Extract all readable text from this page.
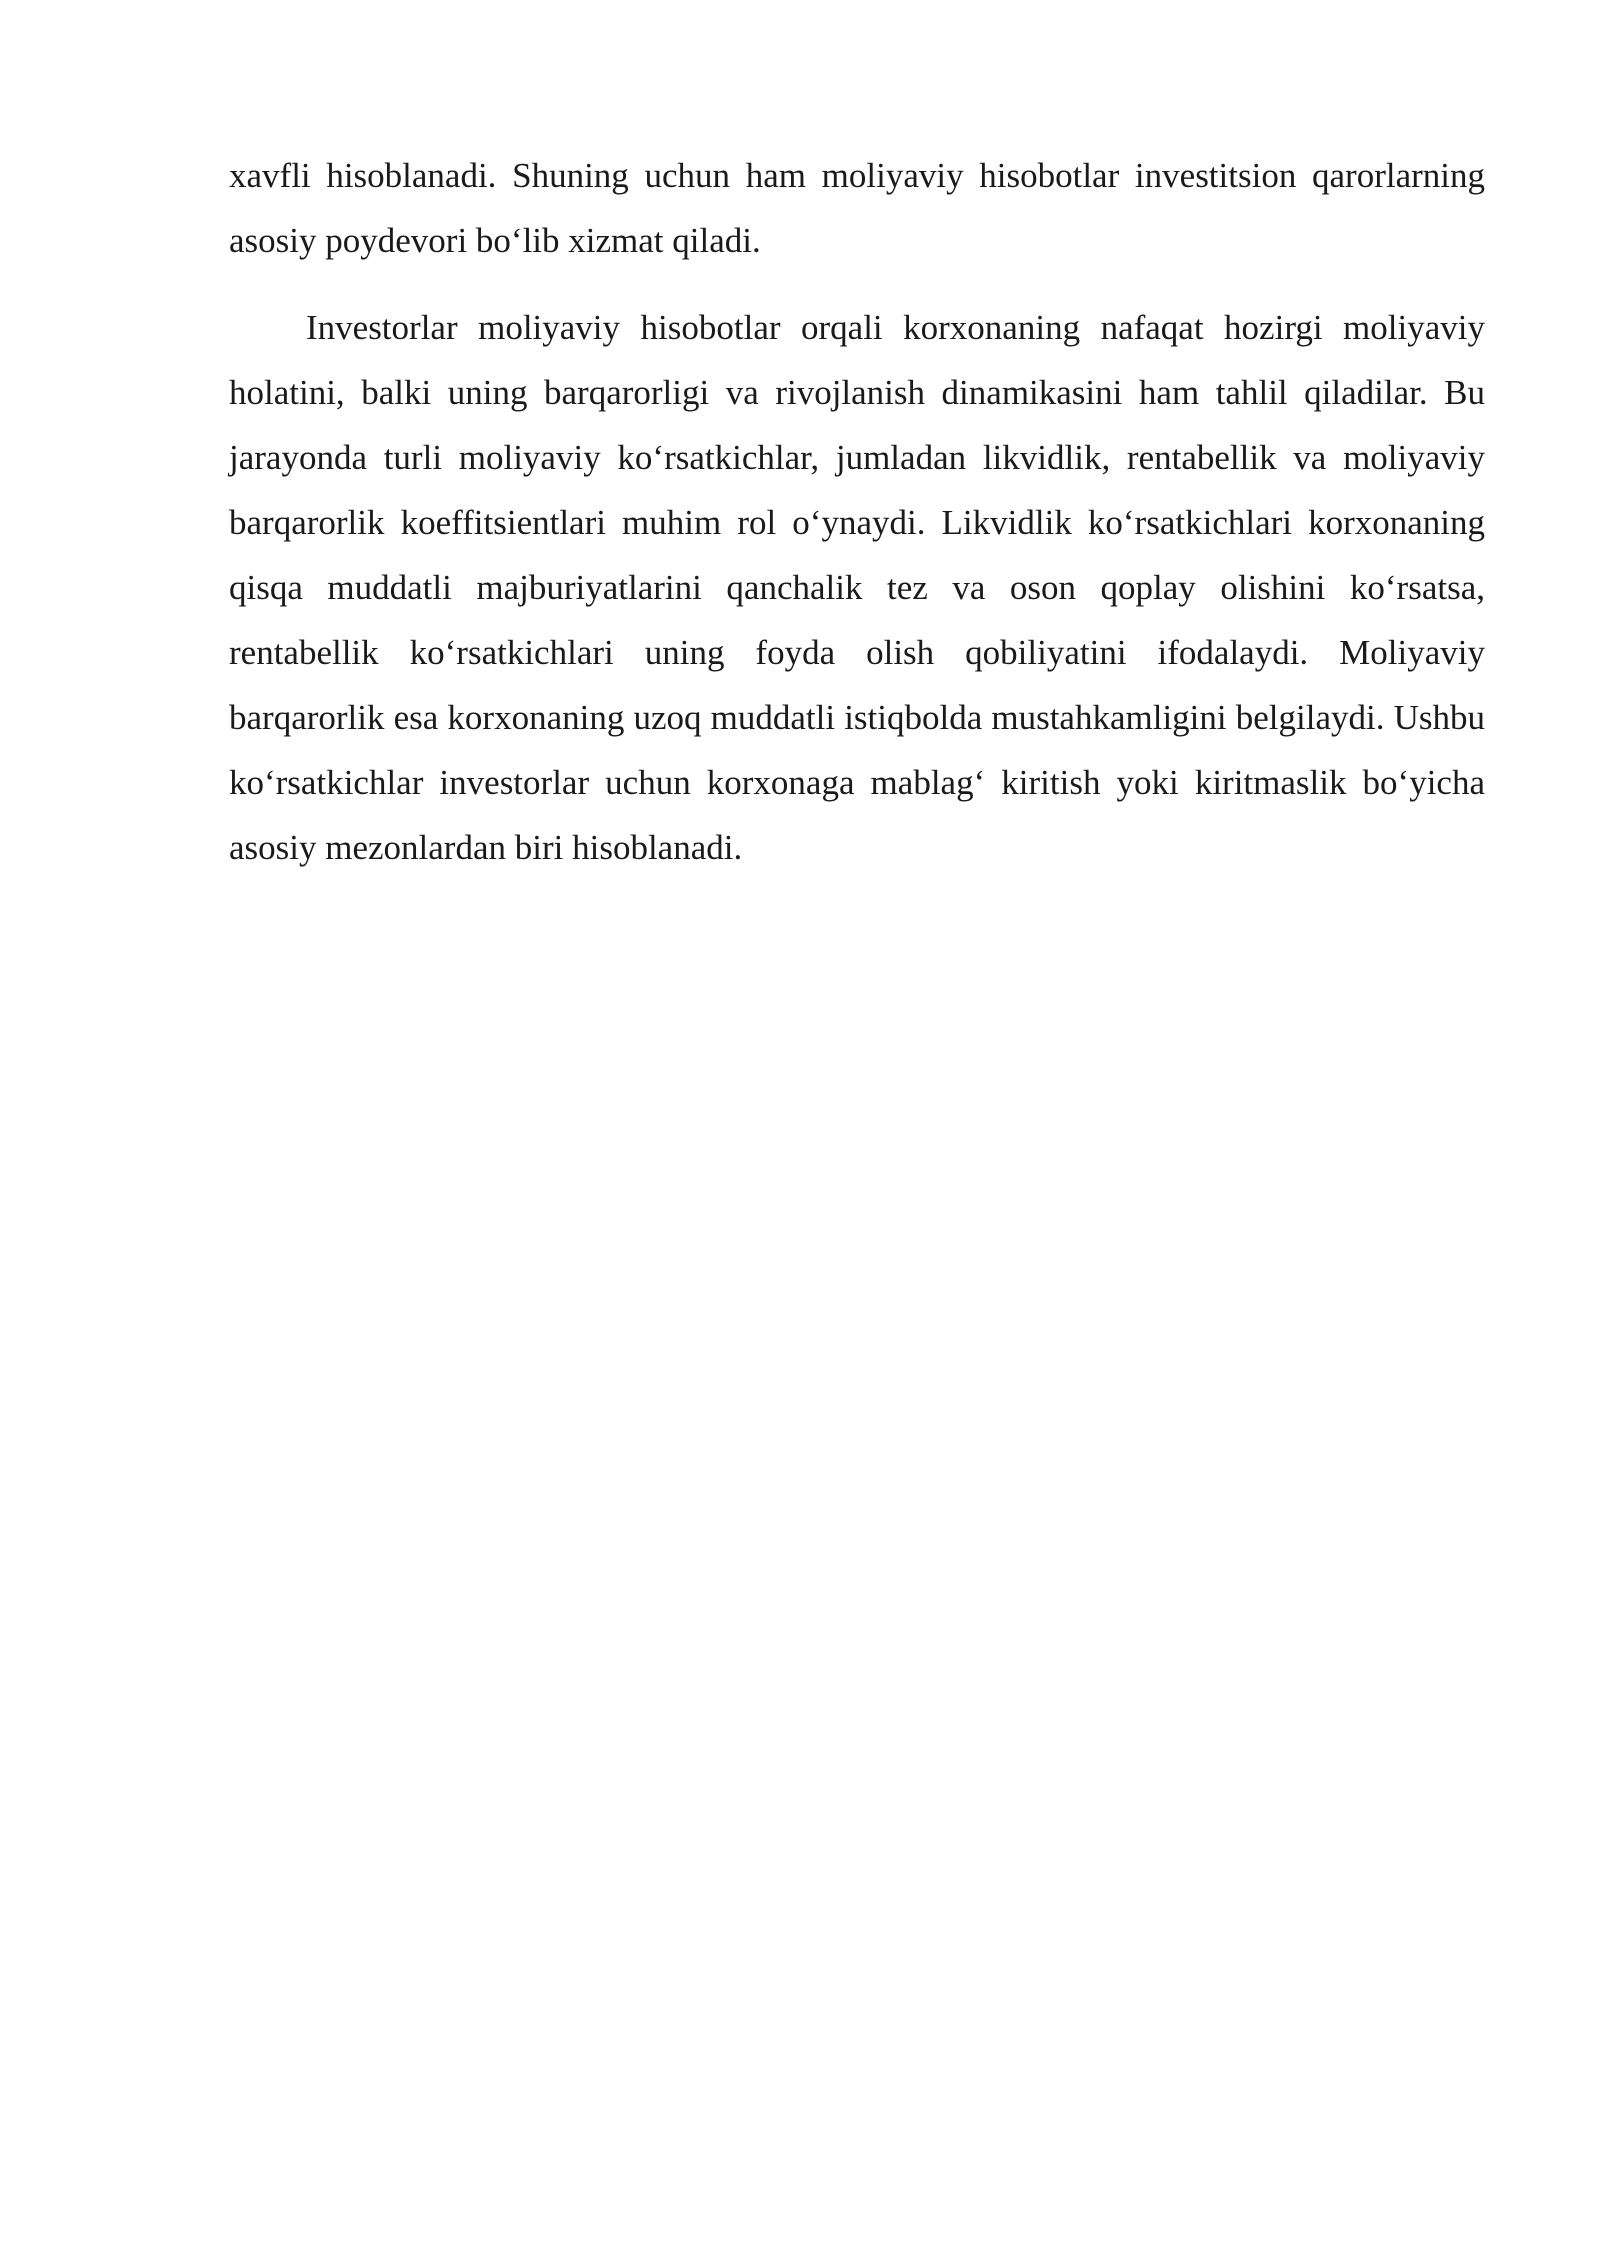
xavfli hisoblanadi. Shuning uchun ham moliyaviy hisobotlar investitsion qarorlarning asosiy poydevori bo‘lib xizmat qiladi.

Investorlar moliyaviy hisobotlar orqali korxonaning nafaqat hozirgi moliyaviy holatini, balki uning barqarorligi va rivojlanish dinamikasini ham tahlil qiladilar. Bu jarayonda turli moliyaviy ko‘rsatkichlar, jumladan likvidlik, rentabellik va moliyaviy barqarorlik koeffitsientlari muhim rol o‘ynaydi. Likvidlik ko‘rsatkichlari korxonaning qisqa muddatli majburiyatlarini qanchalik tez va oson qoplay olishini ko‘rsatsa, rentabellik ko‘rsatkichlari uning foyda olish qobiliyatini ifodalaydi. Moliyaviy barqarorlik esa korxonaning uzoq muddatli istiqbolda mustahkamligini belgilaydi. Ushbu ko‘rsatkichlar investorlar uchun korxonaga mablag‘ kiritish yoki kiritmaslik bo‘yicha asosiy mezonlardan biri hisoblanadi.
